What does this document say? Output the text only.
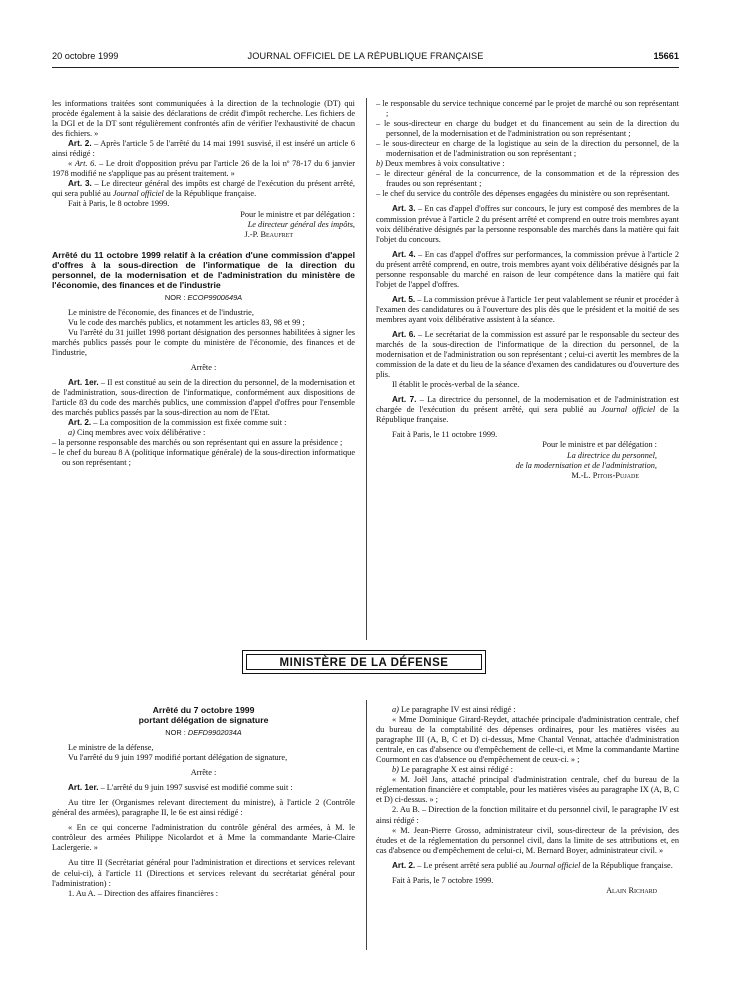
20 octobre 1999	JOURNAL OFFICIEL DE LA RÉPUBLIQUE FRANÇAISE	15661

les informations traitées sont communiquées à la direction de la technologie (DT) qui procède également à la saisie des déclarations de crédit d'impôt recherche. Les fichiers de la DGI et de la DT sont régulièrement confrontés afin de vérifier l'exhaustivité de chacun des fichiers. »

Art. 2. – Après l'article 5 de l'arrêté du 14 mai 1991 susvisé, il est inséré un article 6 ainsi rédigé :

« Art. 6. – Le droit d'opposition prévu par l'article 26 de la loi nº 78-17 du 6 janvier 1978 modifié ne s'applique pas au présent traitement. »

Art. 3. – Le directeur général des impôts est chargé de l'exécution du présent arrêté, qui sera publié au Journal officiel de la République française.

Fait à Paris, le 8 octobre 1999.

Pour le ministre et par délégation :

Le directeur général des impôts,

J.-P. Beaufret

Arrêté du 11 octobre 1999 relatif à la création d'une commission d'appel d'offres à la sous-direction de l'informatique de la direction du personnel, de la modernisation et de l'administration du ministère de l'économie, des finances et de l'industrie

NOR : ECOP9900649A

Le ministre de l'économie, des finances et de l'industrie,

Vu le code des marchés publics, et notamment les articles 83, 98 et 99 ;

Vu l'arrêté du 31 juillet 1998 portant désignation des personnes habilitées à signer les marchés publics passés pour le compte du ministère de l'économie, des finances et de l'industrie,

Arrête :

Art. 1er. – Il est constitué au sein de la direction du personnel, de la modernisation et de l'administration, sous-direction de l'informatique, conformément aux dispositions de l'article 83 du code des marchés publics, une commission d'appel d'offres pour l'ensemble des marchés publics passés par la sous-direction au nom de l'Etat.

Art. 2. – La composition de la commission est fixée comme suit :

a) Cinq membres avec voix délibérative :

– la personne responsable des marchés ou son représentant qui en assure la présidence ;

– le chef du bureau 8 A (politique informatique générale) de la sous-direction informatique ou son représentant ;

– le responsable du service technique concerné par le projet de marché ou son représentant ;

– le sous-directeur en charge du budget et du financement au sein de la direction du personnel, de la modernisation et de l'administration ou son représentant ;

– le sous-directeur en charge de la logistique au sein de la direction du personnel, de la modernisation et de l'administration ou son représentant ;

b) Deux membres à voix consultative :

– le directeur général de la concurrence, de la consommation et de la répression des fraudes ou son représentant ;

– le chef du service du contrôle des dépenses engagées du ministère ou son représentant.

Art. 3. – En cas d'appel d'offres sur concours, le jury est composé des membres de la commission prévue à l'article 2 du présent arrêté et comprend en outre trois membres ayant voix délibérative désignés par la personne responsable des marchés dans la matière qui fait l'objet du concours.

Art. 4. – En cas d'appel d'offres sur performances, la commission prévue à l'article 2 du présent arrêté comprend, en outre, trois membres ayant voix délibérative désignés par la personne responsable du marché en raison de leur compétence dans la matière qui fait l'objet de l'appel d'offres.

Art. 5. – La commission prévue à l'article 1er peut valablement se réunir et procéder à l'examen des candidatures ou à l'ouverture des plis dès que le président et la moitié de ses membres ayant voix délibérative assistent à la séance.

Art. 6. – Le secrétariat de la commission est assuré par le responsable du secteur des marchés de la sous-direction de l'informatique de la direction du personnel, de la modernisation et de l'administration ou son représentant ; celui-ci avertit les membres de la commission de la date et du lieu de la séance d'examen des candidatures ou d'ouverture des plis.

Il établit le procès-verbal de la séance.

Art. 7. – La directrice du personnel, de la modernisation et de l'administration est chargée de l'exécution du présent arrêté, qui sera publié au Journal officiel de la République française.

Fait à Paris, le 11 octobre 1999.

Pour le ministre et par délégation :

La directrice du personnel,

de la modernisation et de l'administration,

M.-L. Pitois-Pujade

MINISTÈRE DE LA DÉFENSE

Arrêté du 7 octobre 1999

portant délégation de signature

NOR : DEFD9902034A

Le ministre de la défense,

Vu l'arrêté du 9 juin 1997 modifié portant délégation de signature,

Arrête :

Art. 1er. – L'arrêté du 9 juin 1997 susvisé est modifié comme suit :

Au titre Ier (Organismes relevant directement du ministre), à l'article 2 (Contrôle général des armées), paragraphe II, le 6e est ainsi rédigé :

« En ce qui concerne l'administration du contrôle général des armées, à M. le contrôleur des armées Philippe Nicolardot et à Mme la commandante Marie-Claire Laclergerie. »

Au titre II (Secrétariat général pour l'administration et directions et services relevant de celui-ci), à l'article 11 (Directions et services relevant du secrétariat général pour l'administration) :

1. Au A. – Direction des affaires financières :

a) Le paragraphe IV est ainsi rédigé :

« Mme Dominique Girard-Reydet, attachée principale d'administration centrale, chef du bureau de la comptabilité des dépenses ordinaires, pour les matières visées au paragraphe III (A, B, C et D) ci-dessus, Mme Chantal Vennat, attachée d'administration centrale, en cas d'absence ou d'empêchement de celle-ci, et Mme la commandante Martine Courmont en cas d'absence ou d'empêchement de ceux-ci. » ;

b) Le paragraphe X est ainsi rédigé :

« M. Joël Jans, attaché principal d'administration centrale, chef du bureau de la réglementation financière et comptable, pour les matières visées au paragraphe IX (A, B, C et D) ci-dessus. » ;

2. Au B. – Direction de la fonction militaire et du personnel civil, le paragraphe IV est ainsi rédigé :

« M. Jean-Pierre Grosso, administrateur civil, sous-directeur de la prévision, des études et de la réglementation du personnel civil, dans la limite de ses attributions et, en cas d'absence ou d'empêchement de celui-ci, M. Bernard Boyer, administrateur civil. »

Art. 2. – Le présent arrêté sera publié au Journal officiel de la République française.

Fait à Paris, le 7 octobre 1999.

Alain Richard
